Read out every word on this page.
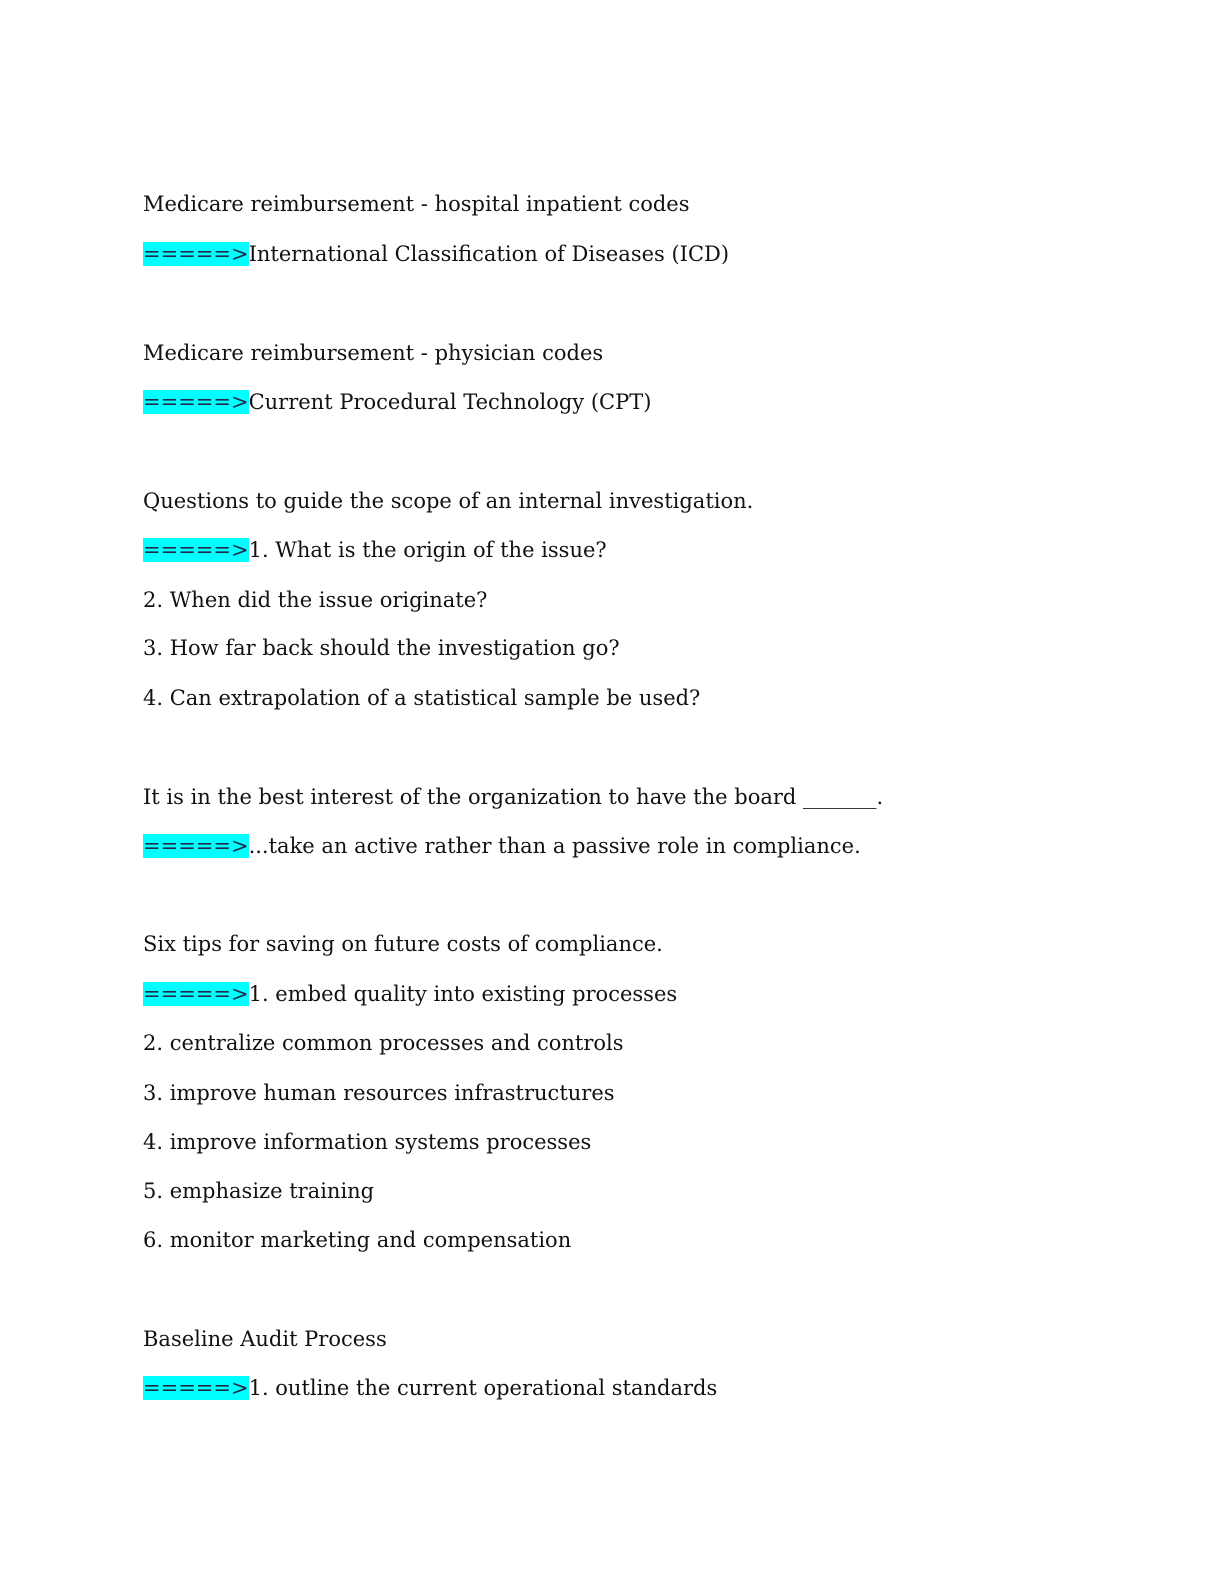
Medicare reimbursement - hospital inpatient codes
=====>International Classification of Diseases (ICD)
Medicare reimbursement - physician codes
=====>Current Procedural Technology (CPT)
Questions to guide the scope of an internal investigation.
=====>1. What is the origin of the issue?
2. When did the issue originate?
3. How far back should the investigation go?
4. Can extrapolation of a statistical sample be used?
It is in the best interest of the organization to have the board _______.
=====>...take an active rather than a passive role in compliance.
Six tips for saving on future costs of compliance.
=====>1. embed quality into existing processes
2. centralize common processes and controls
3. improve human resources infrastructures
4. improve information systems processes
5. emphasize training
6. monitor marketing and compensation
Baseline Audit Process
=====>1. outline the current operational standards
